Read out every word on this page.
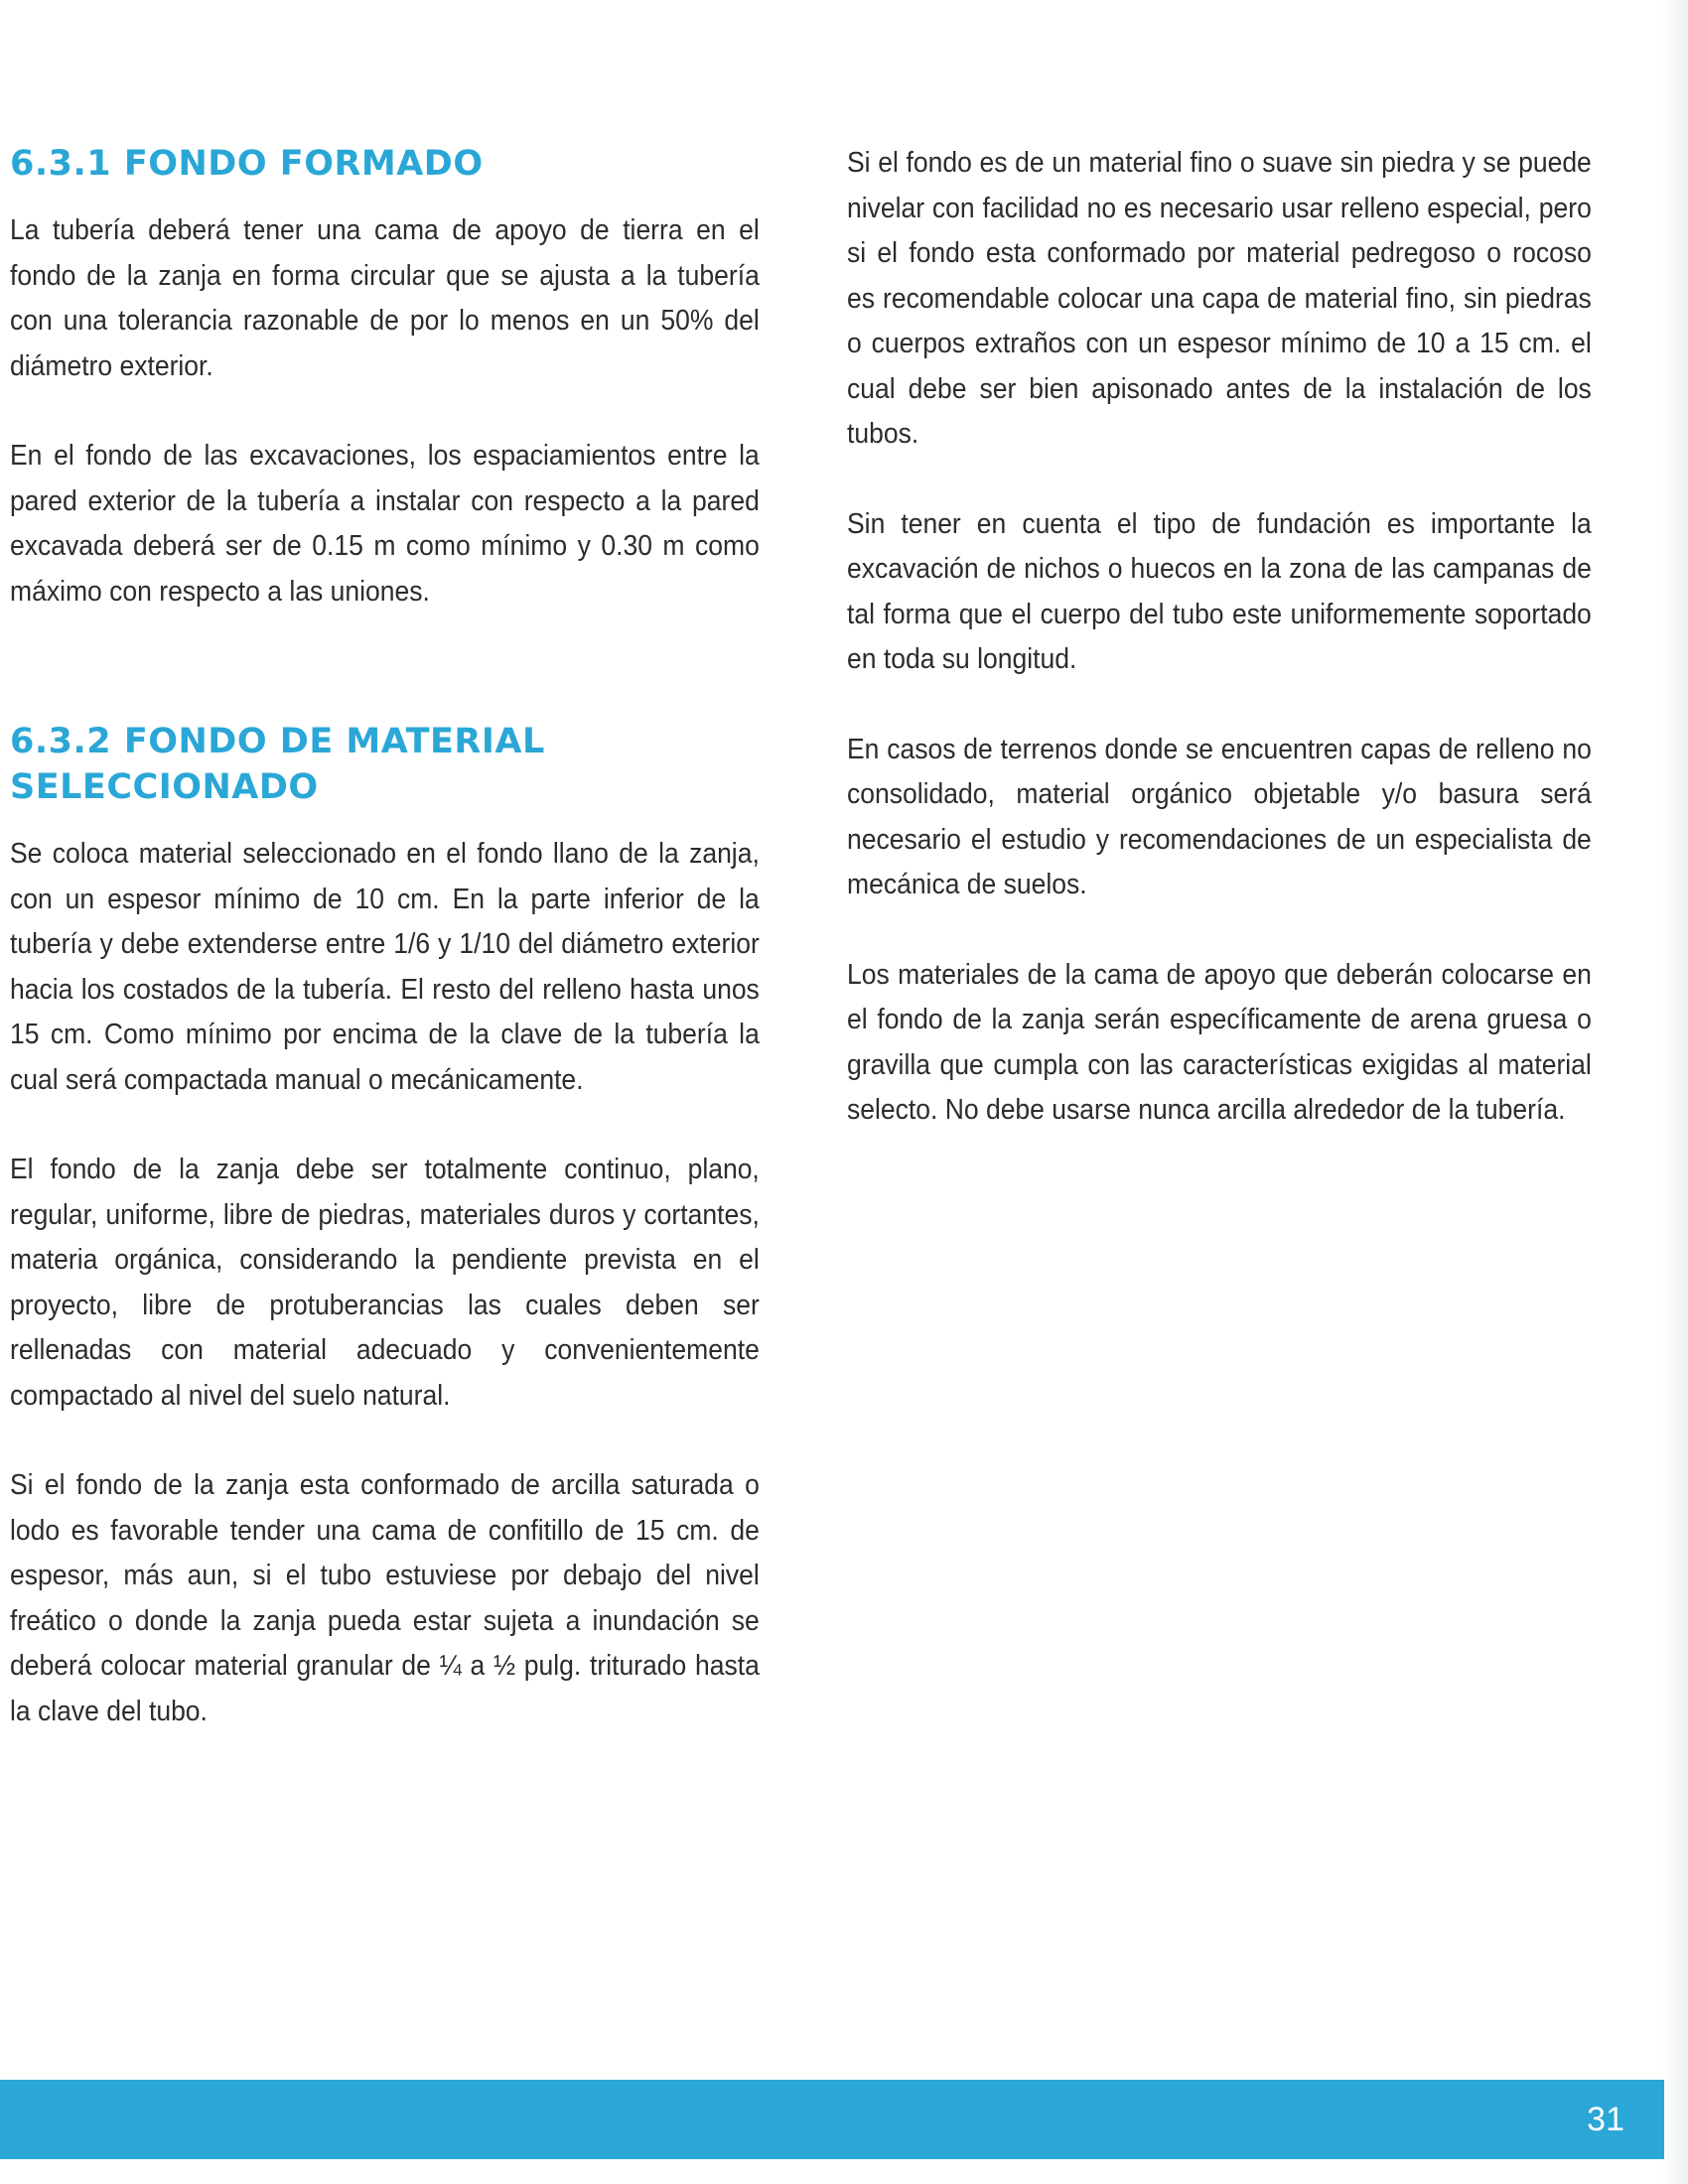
6.3.1 FONDO FORMADO

La tubería deberá tener una cama de apoyo de tierra en el fondo de la zanja en forma circular que se ajusta a la tubería con una tolerancia razonable de por lo menos en un 50% del diámetro exterior.

En el fondo de las excavaciones, los espaciamientos entre la pared exterior de la tubería a instalar con respecto a la pared excavada deberá ser de 0.15 m como mínimo y 0.30 m como máximo con respecto a las uniones.

6.3.2 FONDO DE MATERIAL SELECCIONADO

Se coloca material seleccionado en el fondo llano de la zanja, con un espesor mínimo de 10 cm. En la parte inferior de la tubería y debe extenderse entre 1/6 y 1/10 del diámetro exterior hacia los costados de la tubería. El resto del relleno hasta unos 15 cm. Como mínimo por encima de la clave de la tubería la cual será compactada manual o mecánicamente.

El fondo de la zanja debe ser totalmente continuo, plano, regular, uniforme, libre de piedras, materiales duros y cortantes, materia orgánica, considerando la pendiente prevista en el proyecto, libre de protuberancias las cuales deben ser rellenadas con material adecuado y convenientemente compactado al nivel del suelo natural.

Si el fondo de la zanja esta conformado de arcilla saturada o lodo es favorable tender una cama de confitillo de 15 cm. de espesor, más aun, si el tubo estuviese por debajo del nivel freático o donde la zanja pueda estar sujeta a inundación se deberá colocar material granular de ¼ a ½ pulg. triturado hasta la clave del tubo.

Si el fondo es de un material fino o suave sin piedra y se puede nivelar con facilidad no es necesario usar relleno especial, pero si el fondo esta conformado por material pedregoso o rocoso es recomendable colocar una capa de material fino, sin piedras o cuerpos extraños con un espesor mínimo de 10 a 15 cm. el cual debe ser bien apisonado antes de la instalación de los tubos.

Sin tener en cuenta el tipo de fundación es importante la excavación de nichos o huecos en la zona de las campanas de tal forma que el cuerpo del tubo este uniformemente soportado en toda su longitud.

En casos de terrenos donde se encuentren capas de relleno no consolidado, material orgánico objetable y/o basura será necesario el estudio y recomendaciones de un especialista de mecánica de suelos.

Los materiales de la cama de apoyo que deberán colocarse en el fondo de la zanja serán específicamente de arena gruesa o gravilla que cumpla con las características exigidas al material selecto. No debe usarse nunca arcilla alrededor de la tubería.

31
